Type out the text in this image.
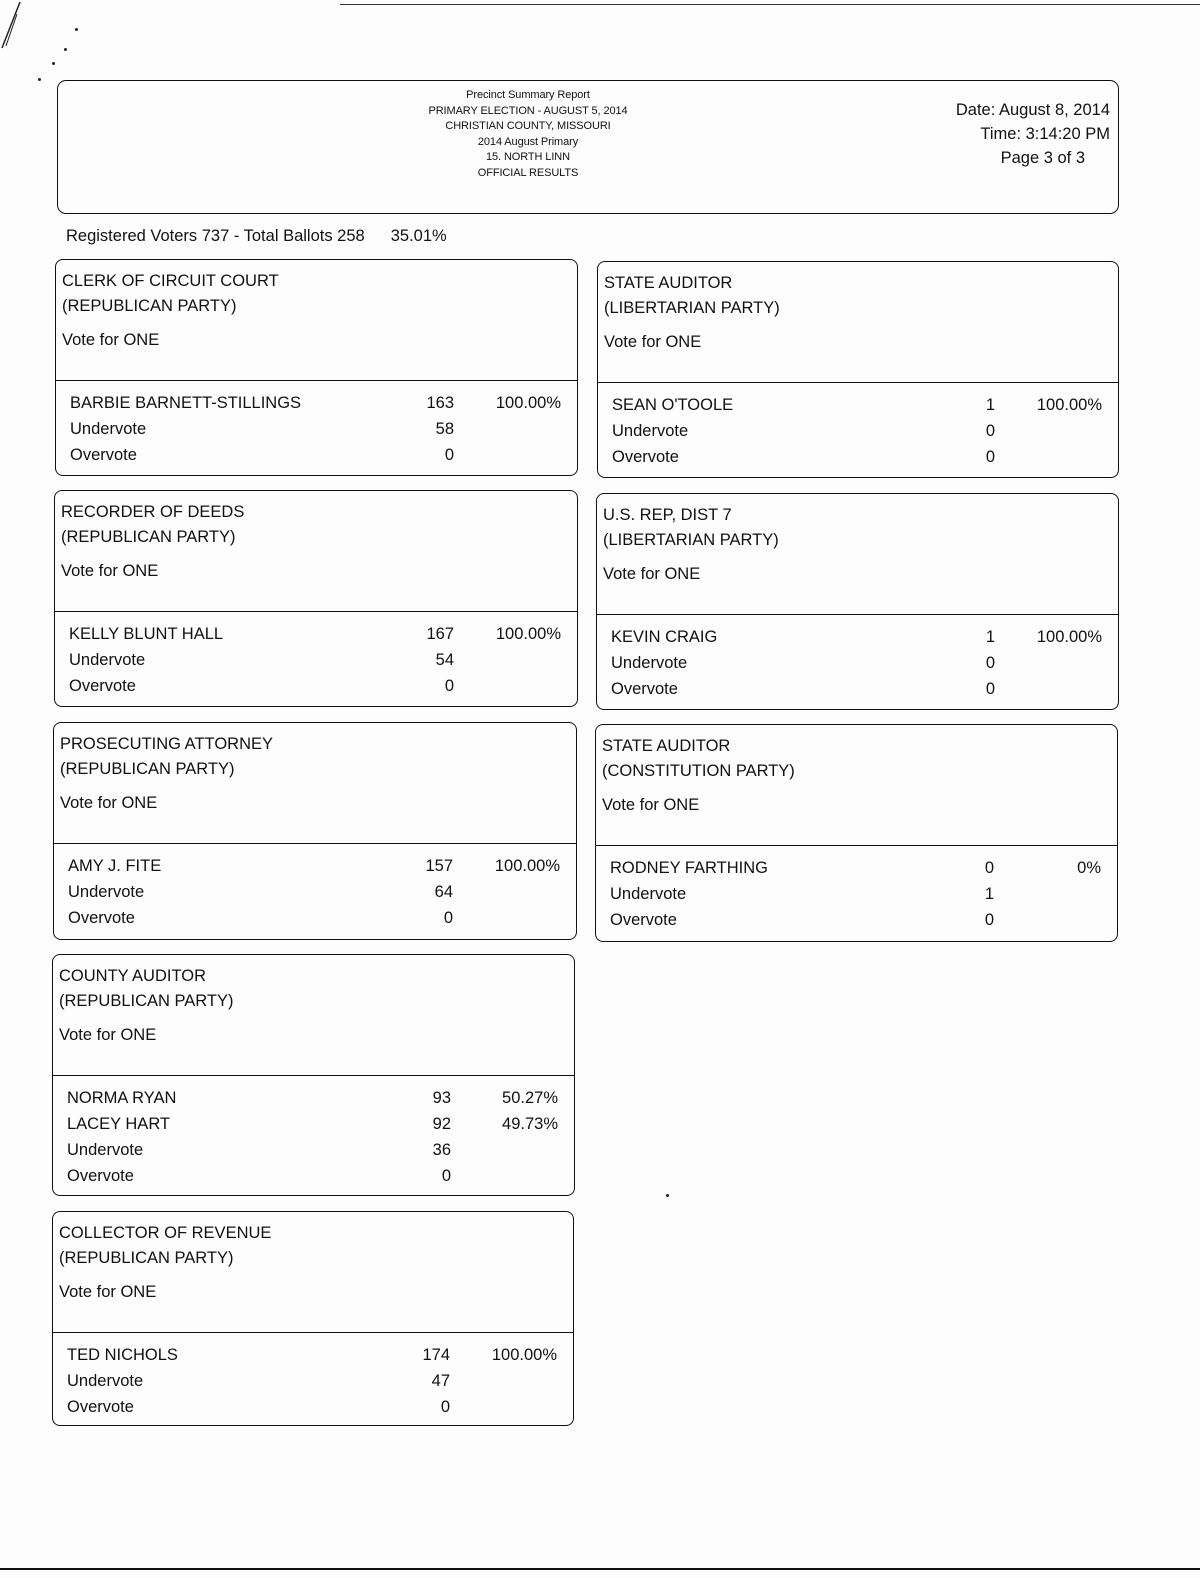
Precinct Summary Report
PRIMARY ELECTION - AUGUST 5, 2014
CHRISTIAN COUNTY, MISSOURI
2014 August Primary
15. NORTH LINN
OFFICIAL RESULTS
Date: August 8, 2014
Time: 3:14:20 PM
Page 3 of 3
Registered Voters 737 - Total Ballots 258 35.01%
CLERK OF CIRCUIT COURT
(REPUBLICAN PARTY)
Vote for ONE
BARBIE BARNETT-STILLINGS	163	100.00%
Undervote	58
Overvote	0
STATE AUDITOR
(LIBERTARIAN PARTY)
Vote for ONE
SEAN O'TOOLE	1	100.00%
Undervote	0
Overvote	0
RECORDER OF DEEDS
(REPUBLICAN PARTY)
Vote for ONE
KELLY BLUNT HALL	167	100.00%
Undervote	54
Overvote	0
U.S. REP, DIST 7
(LIBERTARIAN PARTY)
Vote for ONE
KEVIN CRAIG	1	100.00%
Undervote	0
Overvote	0
PROSECUTING ATTORNEY
(REPUBLICAN PARTY)
Vote for ONE
AMY J. FITE	157	100.00%
Undervote	64
Overvote	0
STATE AUDITOR
(CONSTITUTION PARTY)
Vote for ONE
RODNEY FARTHING	0	0%
Undervote	1
Overvote	0
COUNTY AUDITOR
(REPUBLICAN PARTY)
Vote for ONE
NORMA RYAN	93	50.27%
LACEY HART	92	49.73%
Undervote	36
Overvote	0
COLLECTOR OF REVENUE
(REPUBLICAN PARTY)
Vote for ONE
TED NICHOLS	174	100.00%
Undervote	47
Overvote	0
